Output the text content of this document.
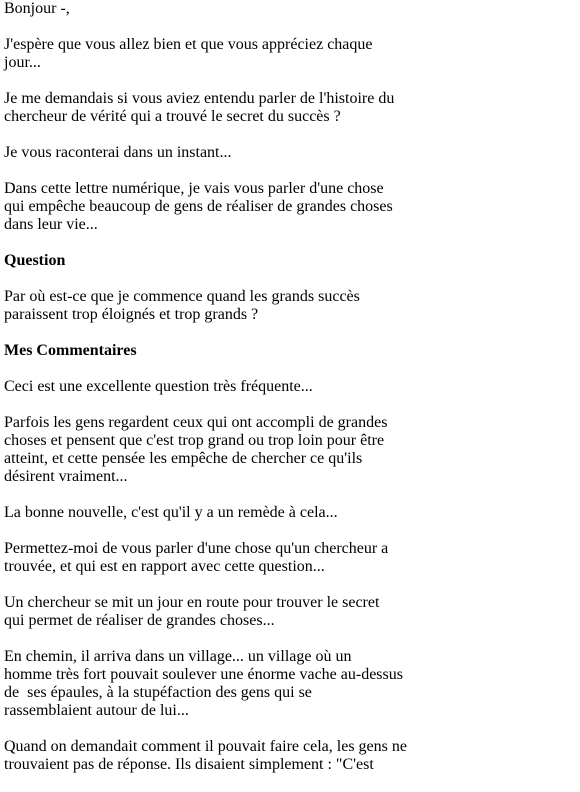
Bonjour -,

J'espère que vous allez bien et que vous appréciez chaque
jour...

Je me demandais si vous aviez entendu parler de l'histoire du
chercheur de vérité qui a trouvé le secret du succès ?

Je vous raconterai dans un instant...

Dans cette lettre numérique, je vais vous parler d'une chose
qui empêche beaucoup de gens de réaliser de grandes choses
dans leur vie...

Question

Par où est-ce que je commence quand les grands succès
paraissent trop éloignés et trop grands ?

Mes Commentaires

Ceci est une excellente question très fréquente...

Parfois les gens regardent ceux qui ont accompli de grandes
choses et pensent que c'est trop grand ou trop loin pour être
atteint, et cette pensée les empêche de chercher ce qu'ils
désirent vraiment...

La bonne nouvelle, c'est qu'il y a un remède à cela...

Permettez-moi de vous parler d'une chose qu'un chercheur a
trouvée, et qui est en rapport avec cette question...

Un chercheur se mit un jour en route pour trouver le secret
qui permet de réaliser de grandes choses...

En chemin, il arriva dans un village... un village où un
homme très fort pouvait soulever une énorme vache au-dessus
de  ses épaules, à la stupéfaction des gens qui se
rassemblaient autour de lui...

Quand on demandait comment il pouvait faire cela, les gens ne
trouvaient pas de réponse. Ils disaient simplement : "C'est
